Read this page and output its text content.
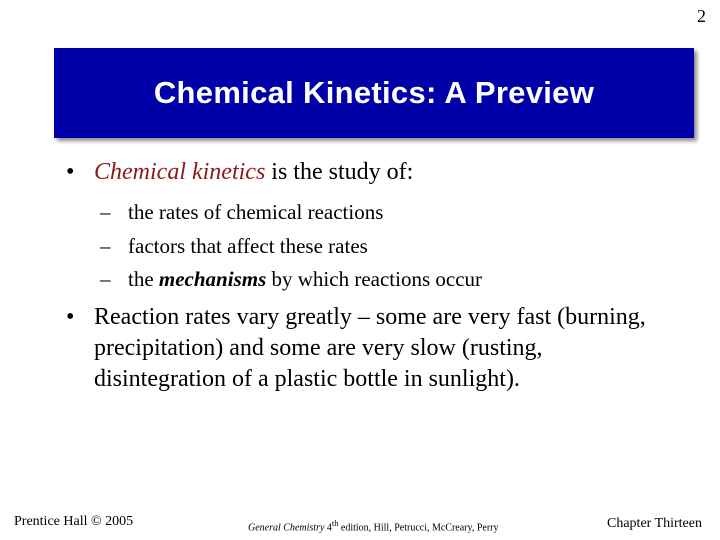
2
Chemical Kinetics: A Preview
• Chemical kinetics is the study of:
– the rates of chemical reactions
– factors that affect these rates
– the mechanisms by which reactions occur
• Reaction rates vary greatly – some are very fast (burning, precipitation) and some are very slow (rusting, disintegration of a plastic bottle in sunlight).
Prentice Hall © 2005	General Chemistry 4th edition, Hill, Petrucci, McCreary, Perry	Chapter Thirteen
